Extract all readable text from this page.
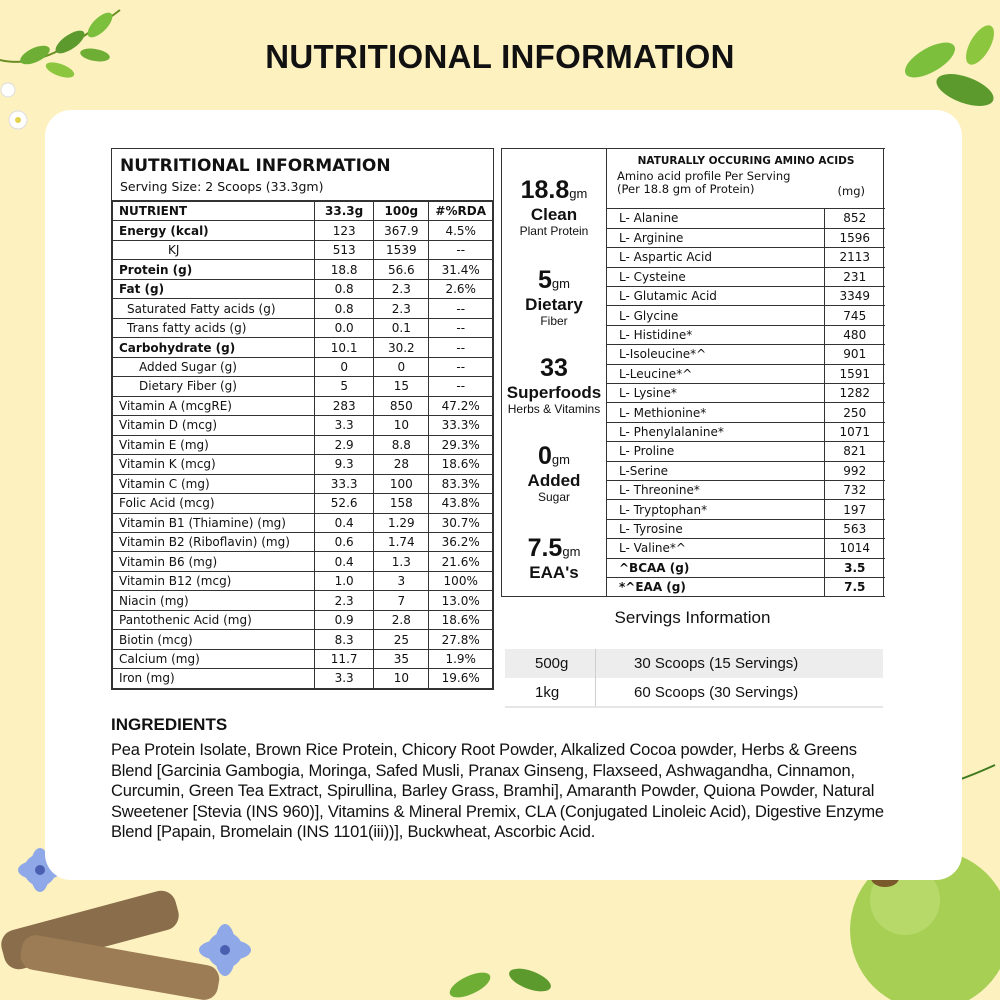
NUTRITIONAL INFORMATION
NUTRITIONAL INFORMATION
Serving Size: 2 Scoops (33.3gm)
NUTRIENT	33.3g	100g	#%RDA
Energy (kcal)	123	367.9	4.5%
KJ	513	1539	--
Protein (g)	18.8	56.6	31.4%
Fat (g)	0.8	2.3	2.6%
Saturated Fatty acids (g)	0.8	2.3	--
Trans fatty acids (g)	0.0	0.1	--
Carbohydrate (g)	10.1	30.2	--
Added Sugar (g)	0	0	--
Dietary Fiber (g)	5	15	--
Vitamin A (mcgRE)	283	850	47.2%
Vitamin D (mcg)	3.3	10	33.3%
Vitamin E (mg)	2.9	8.8	29.3%
Vitamin K (mcg)	9.3	28	18.6%
Vitamin C (mg)	33.3	100	83.3%
Folic Acid (mcg)	52.6	158	43.8%
Vitamin B1 (Thiamine) (mg)	0.4	1.29	30.7%
Vitamin B2 (Riboflavin) (mg)	0.6	1.74	36.2%
Vitamin B6 (mg)	0.4	1.3	21.6%
Vitamin B12 (mcg)	1.0	3	100%
Niacin (mg)	2.3	7	13.0%
Pantothenic Acid (mg)	0.9	2.8	18.6%
Biotin (mcg)	8.3	25	27.8%
Calcium (mg)	11.7	35	1.9%
Iron (mg)	3.3	10	19.6%
18.8gm
Clean
Plant Protein
5gm
Dietary
Fiber
33
Superfoods
Herbs & Vitamins
0gm
Added
Sugar
7.5gm
EAA's
NATURALLY OCCURING AMINO ACIDS
Amino acid profile Per Serving
(Per 18.8 gm of Protein)	(mg)
L- Alanine	852
L- Arginine	1596
L- Aspartic Acid	2113
L- Cysteine	231
L- Glutamic Acid	3349
L- Glycine	745
L- Histidine*	480
L-Isoleucine*^	901
L-Leucine*^	1591
L- Lysine*	1282
L- Methionine*	250
L- Phenylalanine*	1071
L- Proline	821
L-Serine	992
L- Threonine*	732
L- Tryptophan*	197
L- Tyrosine	563
L- Valine*^	1014
^BCAA (g)	3.5
*^EAA (g)	7.5
Servings Information
500g	30 Scoops (15 Servings)
1kg	60 Scoops (30 Servings)
INGREDIENTS
Pea Protein Isolate, Brown Rice Protein, Chicory Root Powder, Alkalized Cocoa powder, Herbs & Greens Blend [Garcinia Gambogia, Moringa, Safed Musli, Pranax Ginseng, Flaxseed, Ashwagandha, Cinnamon, Curcumin, Green Tea Extract, Spirullina, Barley Grass, Bramhi], Amaranth Powder, Quiona Powder, Natural Sweetener [Stevia (INS 960)], Vitamins & Mineral Premix, CLA (Conjugated Linoleic Acid), Digestive Enzyme Blend [Papain, Bromelain (INS 1101(iii))], Buckwheat, Ascorbic Acid.
